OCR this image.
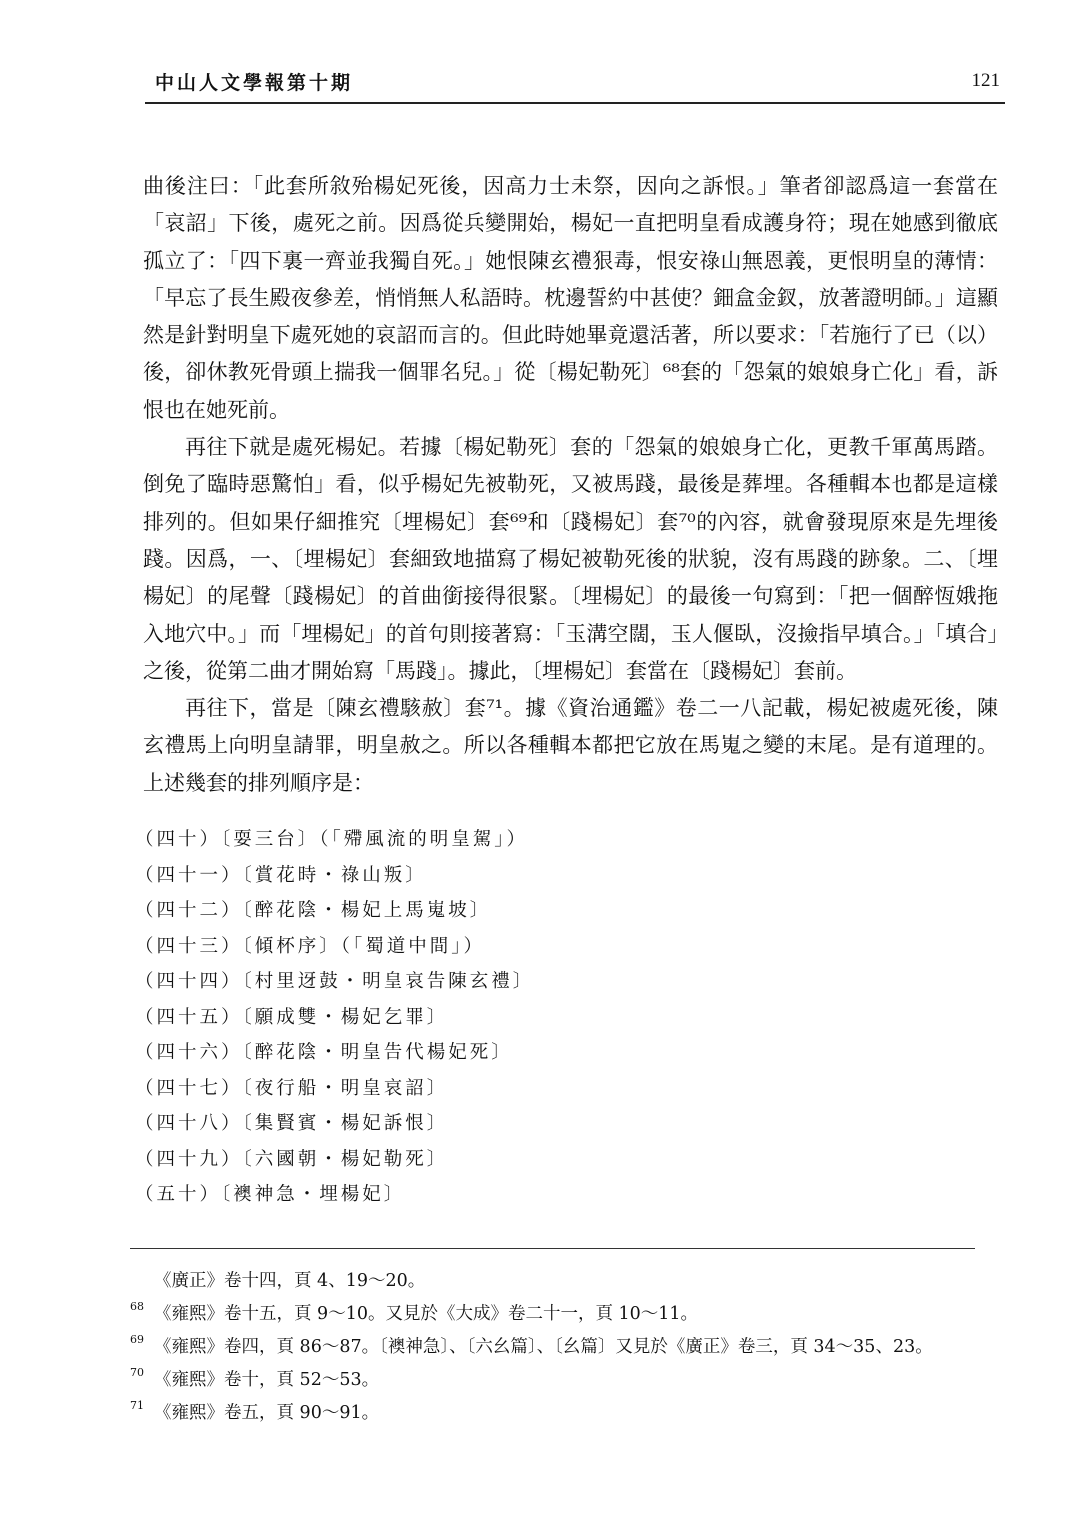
中山人文學報第十期	121

曲後注曰：「此套所敘殆楊妃死後，因高力士未祭，因向之訴恨。」筆者卻認爲這一套當在「哀詔」下後，處死之前。因爲從兵變開始，楊妃一直把明皇看成護身符；現在她感到徹底孤立了：「四下裏一齊並我獨自死。」她恨陳玄禮狠毒，恨安祿山無恩義，更恨明皇的薄情：「早忘了長生殿夜參差，悄悄無人私語時。枕邊誓約中甚使？鈿盒金釵，放著證明師。」這顯然是針對明皇下處死她的哀詔而言的。但此時她畢竟還活著，所以要求：「若施行了已（以）後，卻休教死骨頭上揣我一個罪名兒。」從〔楊妃勒死〕⁶⁸套的「怨氣的娘娘身亡化」看，訴恨也在她死前。

再往下就是處死楊妃。若據〔楊妃勒死〕套的「怨氣的娘娘身亡化，更教千軍萬馬踏。倒免了臨時惡驚怕」看，似乎楊妃先被勒死，又被馬踐，最後是葬埋。各種輯本也都是這樣排列的。但如果仔細推究〔埋楊妃〕套⁶⁹和〔踐楊妃〕套⁷⁰的內容，就會發現原來是先埋後踐。因爲，一、〔埋楊妃〕套細致地描寫了楊妃被勒死後的狀貌，沒有馬踐的跡象。二、〔埋楊妃〕的尾聲〔踐楊妃〕的首曲銜接得很緊。〔埋楊妃〕的最後一句寫到：「把一個醉恆娥拖入地穴中。」而「埋楊妃」的首句則接著寫：「玉溝空闊，玉人偃臥，沒撿指早填合。」「填合」之後，從第二曲才開始寫「馬踐」。據此，〔埋楊妃〕套當在〔踐楊妃〕套前。

再往下，當是〔陳玄禮駭赦〕套⁷¹。據《資治通鑑》卷二一八記載，楊妃被處死後，陳玄禮馬上向明皇請罪，明皇赦之。所以各種輯本都把它放在馬嵬之變的末尾。是有道理的。上述幾套的排列順序是：

（四十）〔耍三台〕（「殢風流的明皇駕」）
（四十一）〔賞花時・祿山叛〕
（四十二）〔醉花陰・楊妃上馬嵬坡〕
（四十三）〔傾杯序〕（「蜀道中間」）
（四十四）〔村里迓鼓・明皇哀告陳玄禮〕
（四十五）〔願成雙・楊妃乞罪〕
（四十六）〔醉花陰・明皇告代楊妃死〕
（四十七）〔夜行船・明皇哀詔〕
（四十八）〔集賢賓・楊妃訴恨〕
（四十九）〔六國朝・楊妃勒死〕
（五十）〔襖神急・埋楊妃〕
《廣正》卷十四，頁 4、19～20。
68 《雍熙》卷十五，頁 9～10。又見於《大成》卷二十一，頁 10～11。
69 《雍熙》卷四，頁 86～87。〔襖神急〕、〔六幺篇〕、〔幺篇〕又見於《廣正》卷三，頁 34～35、23。
70 《雍熙》卷十，頁 52～53。
71 《雍熙》卷五，頁 90～91。
